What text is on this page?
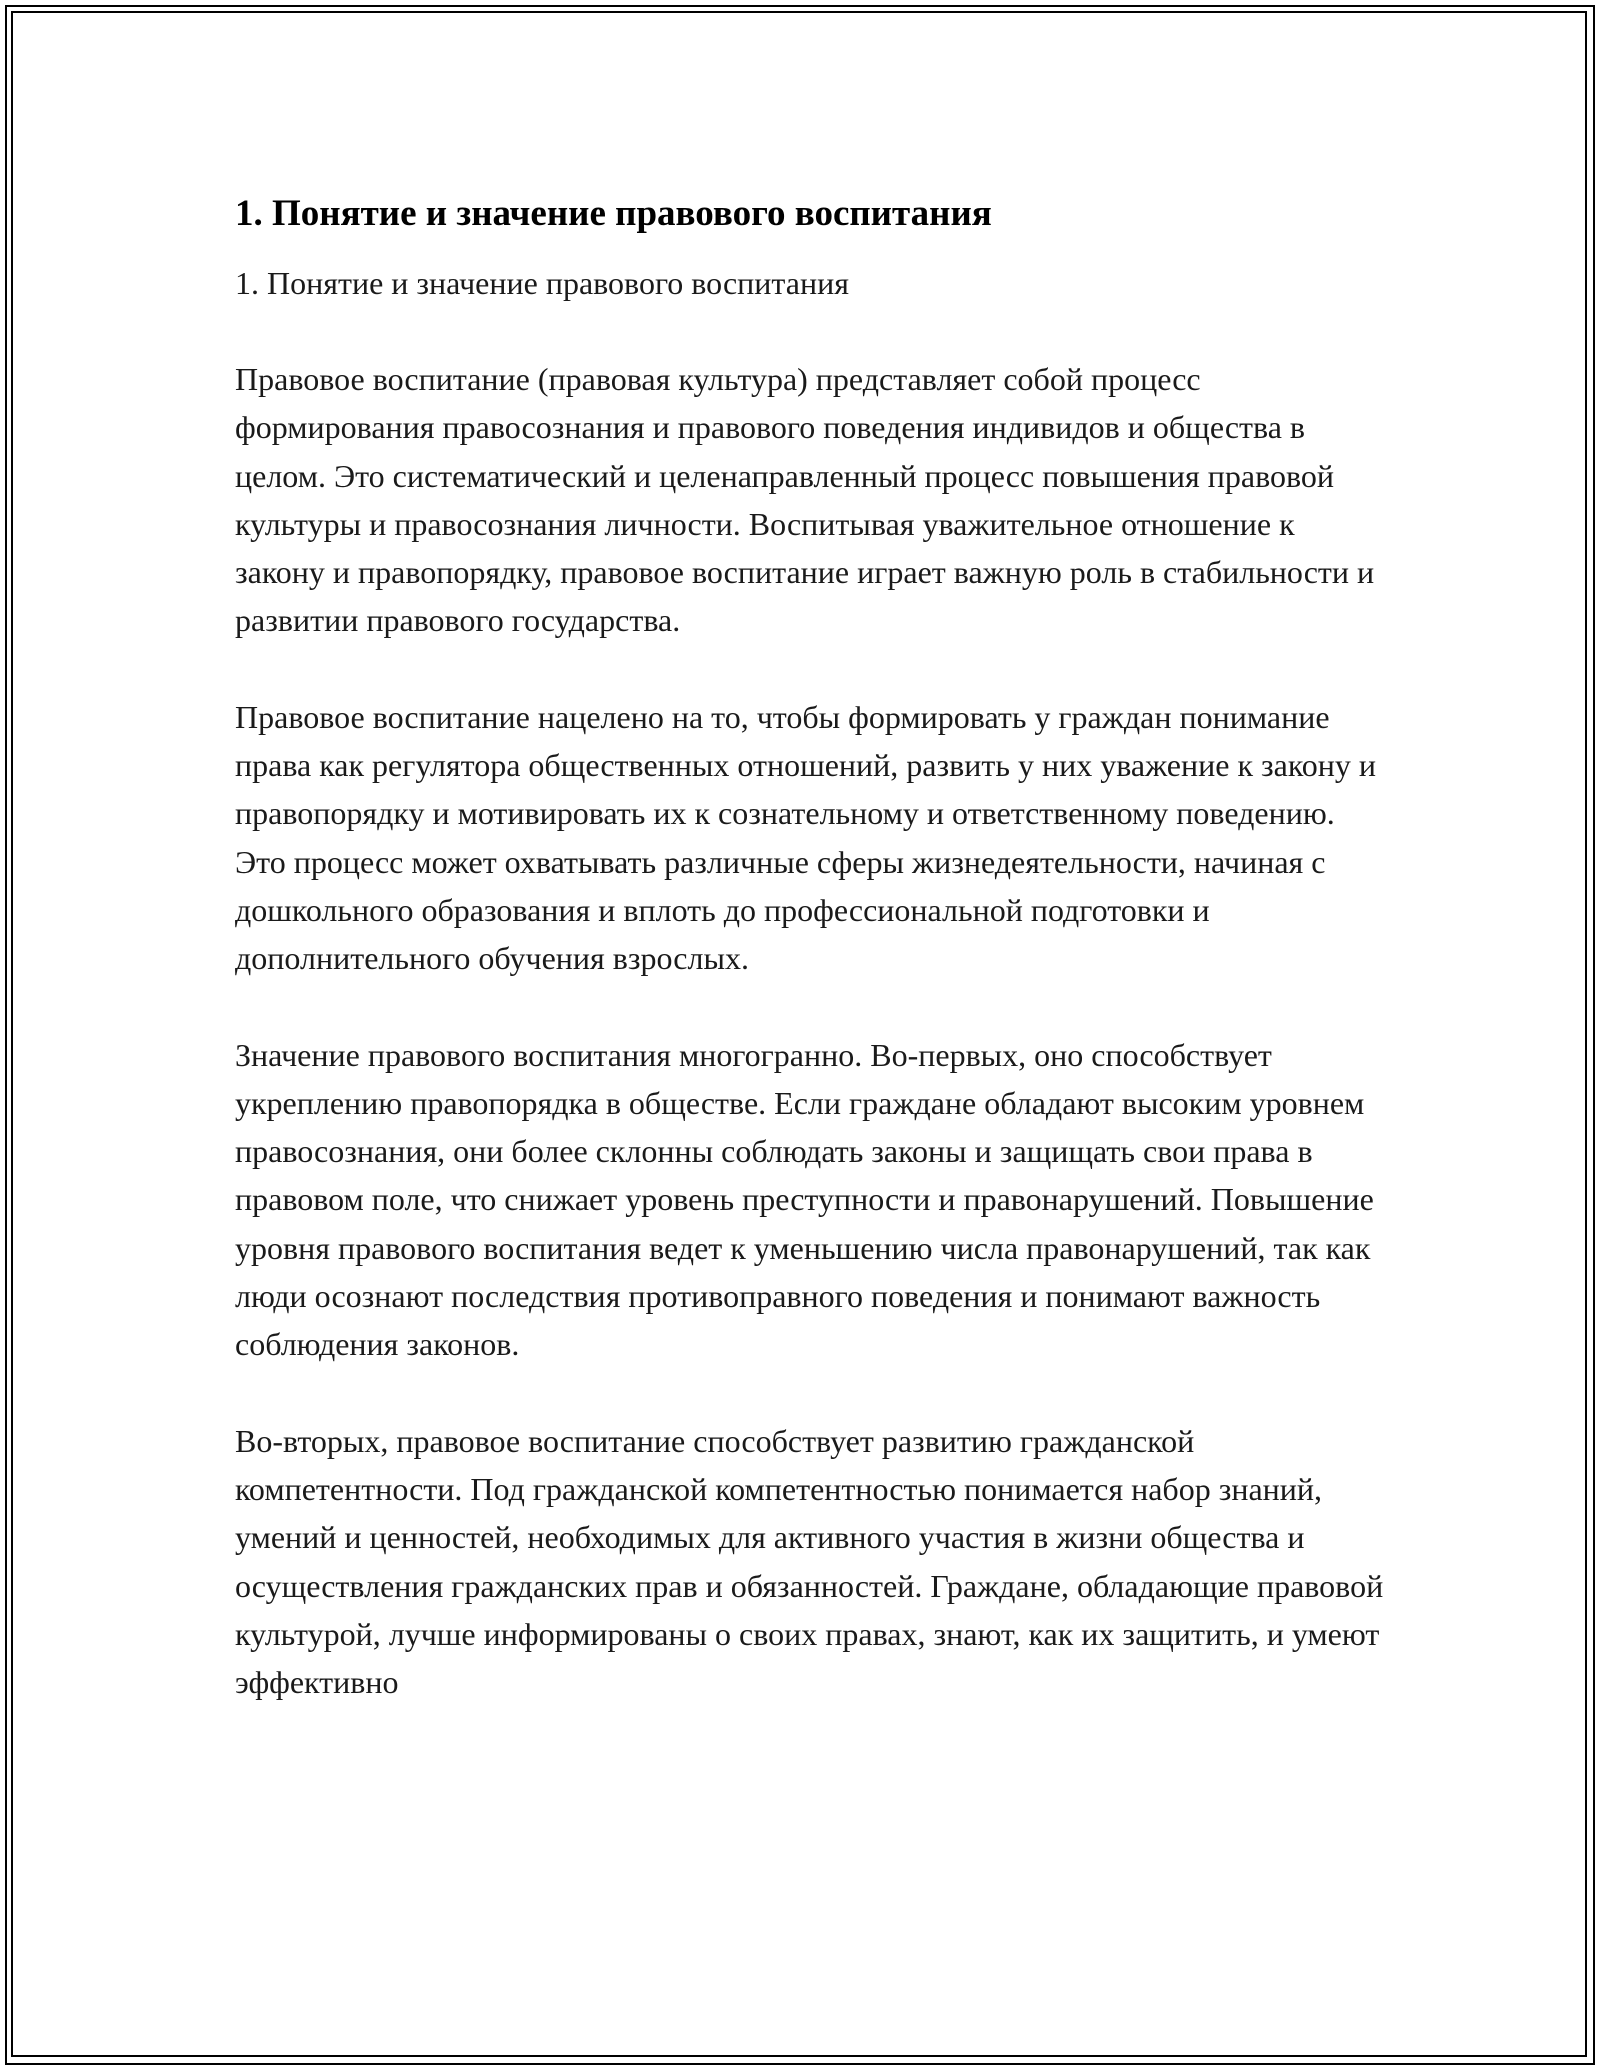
1. Понятие и значение правового воспитания

1. Понятие и значение правового воспитания

Правовое воспитание (правовая культура) представляет собой процесс формирования правосознания и правового поведения индивидов и общества в целом. Это систематический и целенаправленный процесс повышения правовой культуры и правосознания личности. Воспитывая уважительное отношение к закону и правопорядку, правовое воспитание играет важную роль в стабильности и развитии правового государства.

Правовое воспитание нацелено на то, чтобы формировать у граждан понимание права как регулятора общественных отношений, развить у них уважение к закону и правопорядку и мотивировать их к сознательному и ответственному поведению. Это процесс может охватывать различные сферы жизнедеятельности, начиная с дошкольного образования и вплоть до профессиональной подготовки и дополнительного обучения взрослых.

Значение правового воспитания многогранно. Во-первых, оно способствует укреплению правопорядка в обществе. Если граждане обладают высоким уровнем правосознания, они более склонны соблюдать законы и защищать свои права в правовом поле, что снижает уровень преступности и правонарушений. Повышение уровня правового воспитания ведет к уменьшению числа правонарушений, так как люди осознают последствия противоправного поведения и понимают важность соблюдения законов.

Во-вторых, правовое воспитание способствует развитию гражданской компетентности. Под гражданской компетентностью понимается набор знаний, умений и ценностей, необходимых для активного участия в жизни общества и осуществления гражданских прав и обязанностей. Граждане, обладающие правовой культурой, лучше информированы о своих правах, знают, как их защитить, и умеют эффективно
